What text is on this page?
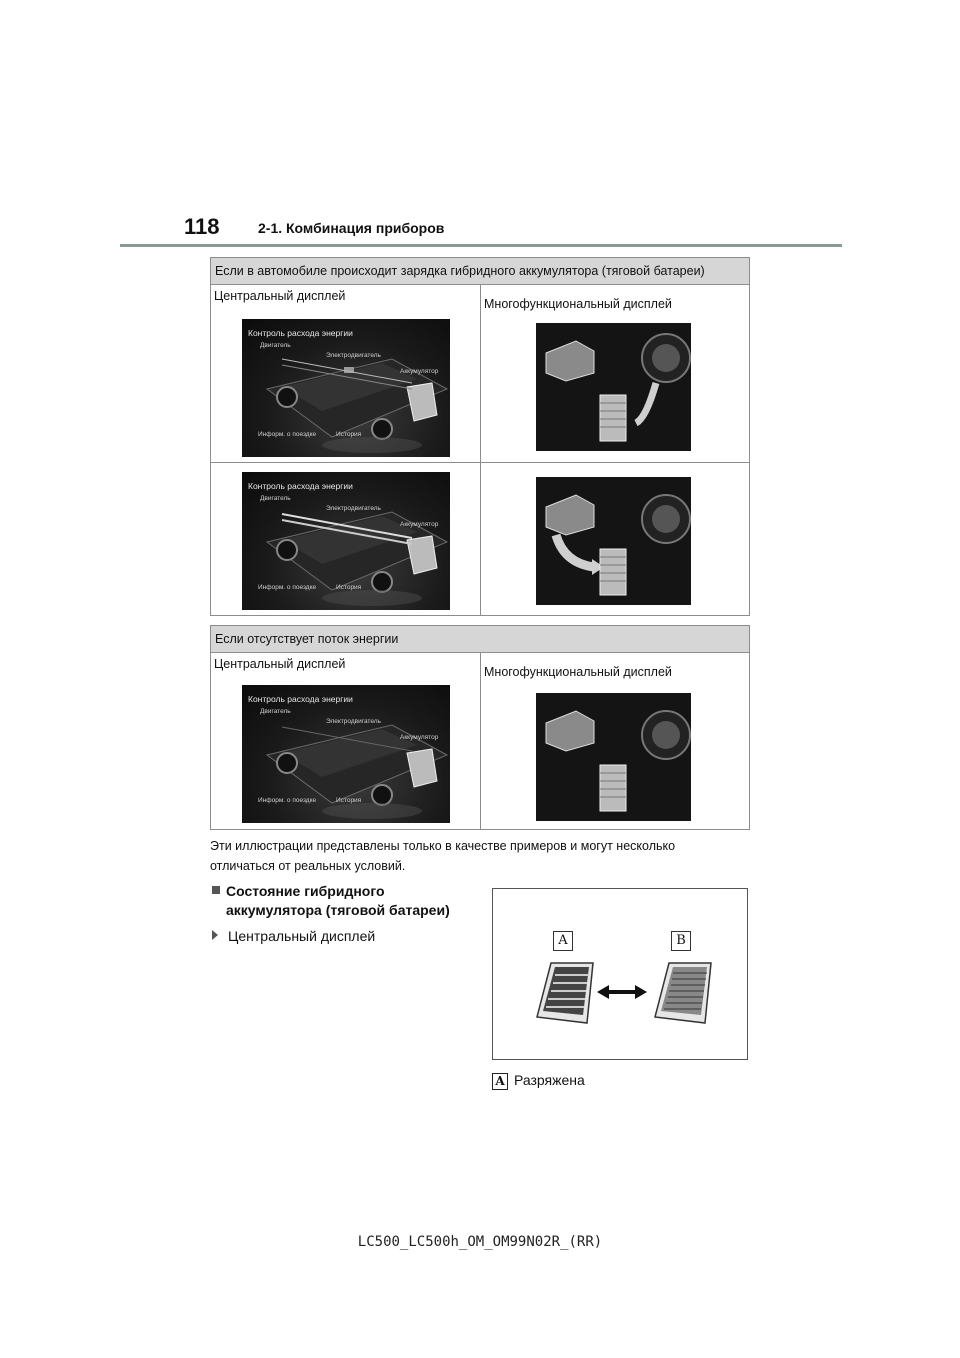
118	2-1. Комбинация приборов
Если в автомобиле происходит зарядка гибридного аккумулятора (тяговой батареи)
Центральный дисплей
Контроль расхода энергии
Двигатель
Электродвигатель
Аккумулятор
Информ. о поездке	История
Многофункциональный дисплей
Контроль расхода энергии
Двигатель
Электродвигатель
Аккумулятор
Информ. о поездке	История
Если отсутствует поток энергии
Центральный дисплей
Контроль расхода энергии
Двигатель
Электродвигатель
Аккумулятор
Информ. о поездке	История
Многофункциональный дисплей
Эти иллюстрации представлены только в качестве примеров и могут несколько
отличаться от реальных условий.
Состояние гибридного
аккумулятора (тяговой батареи)
Центральный дисплей	A	B
A Разряжена
LC500_LC500h_OM_OM99N02R_(RR)
